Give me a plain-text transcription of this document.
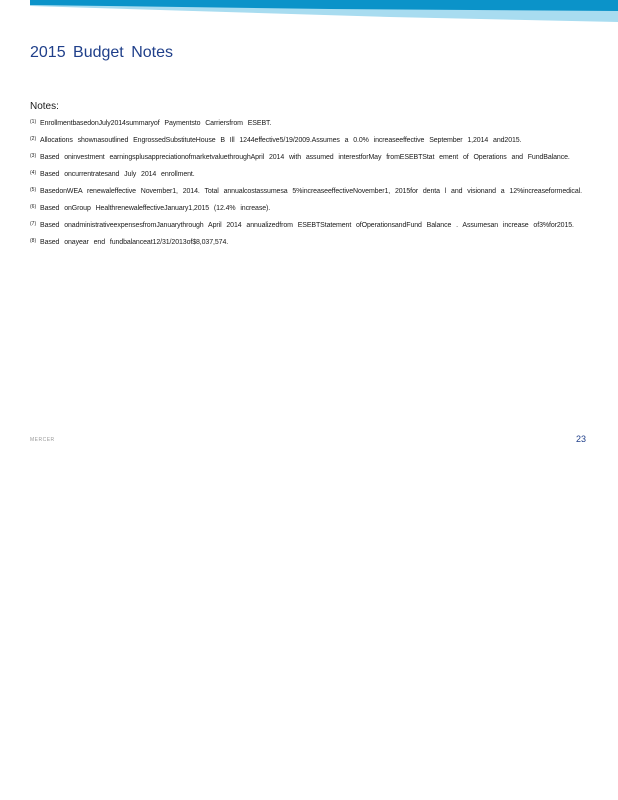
2015 Budget Notes
Notes:
(1) EnrollmentbasedonJuly2014summaryof Paymentsto Carriersfrom ESEBT.
(2) Allocations shownasoutlined EngrossedSubstituteHouse B Ill 1244effective5/19/2009.Assumes a 0.0% increaseeffective September 1,2014 and2015.
(3) Based oninvestment earningsplusappreciationofmarketvaluethroughApril 2014 with assumed interestforMay fromESEBTStat ement of Operations and FundBalance.
(4) Based oncurrentratesand July 2014 enrollment.
(5) BasedonWEA renewaleffective November1, 2014. Total annualcostassumesa 5%increaseeffectiveNovember1, 2015for denta l and visionand a 12%increaseformedical.
(6) Based onGroup HealthrenewaleffectiveJanuary1,2015 (12.4% increase).
(7) Based onadministrativeexpensesfromJanuarythrough April 2014 annualizedfrom ESEBTStatement ofOperationsandFund Balance . Assumesan increase of3%for2015.
(8) Based onayear end fundbalanceat12/31/2013of$8,037,574.
MERCER	23
